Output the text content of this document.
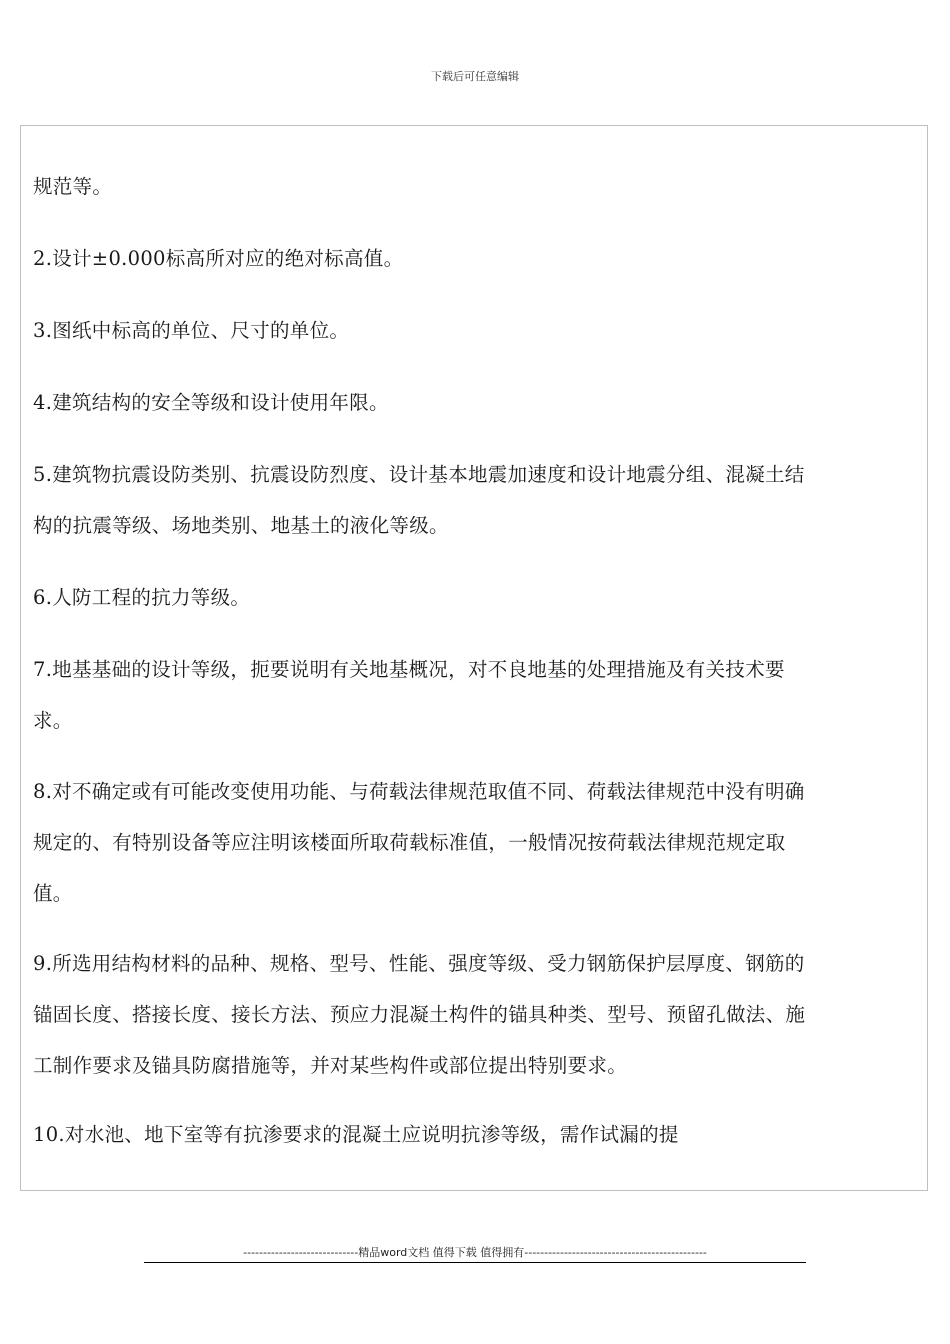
下载后可任意编辑
规范等。
2.设计±0.000标高所对应的绝对标高值。
3.图纸中标高的单位、尺寸的单位。
4.建筑结构的安全等级和设计使用年限。
5.建筑物抗震设防类别、抗震设防烈度、设计基本地震加速度和设计地震分组、混凝土结
构的抗震等级、场地类别、地基土的液化等级。
6.人防工程的抗力等级。
7.地基基础的设计等级，扼要说明有关地基概况，对不良地基的处理措施及有关技术要
求。
8.对不确定或有可能改变使用功能、与荷载法律规范取值不同、荷载法律规范中没有明确
规定的、有特别设备等应注明该楼面所取荷载标准值，一般情况按荷载法律规范规定取
值。
9.所选用结构材料的品种、规格、型号、性能、强度等级、受力钢筋保护层厚度、钢筋的
锚固长度、搭接长度、接长方法、预应力混凝土构件的锚具种类、型号、预留孔做法、施
工制作要求及锚具防腐措施等，并对某些构件或部位提出特别要求。
10.对水池、地下室等有抗渗要求的混凝土应说明抗渗等级，需作试漏的提
-----------------------------精品word文档 值得下载 值得拥有----------------------------------------------
